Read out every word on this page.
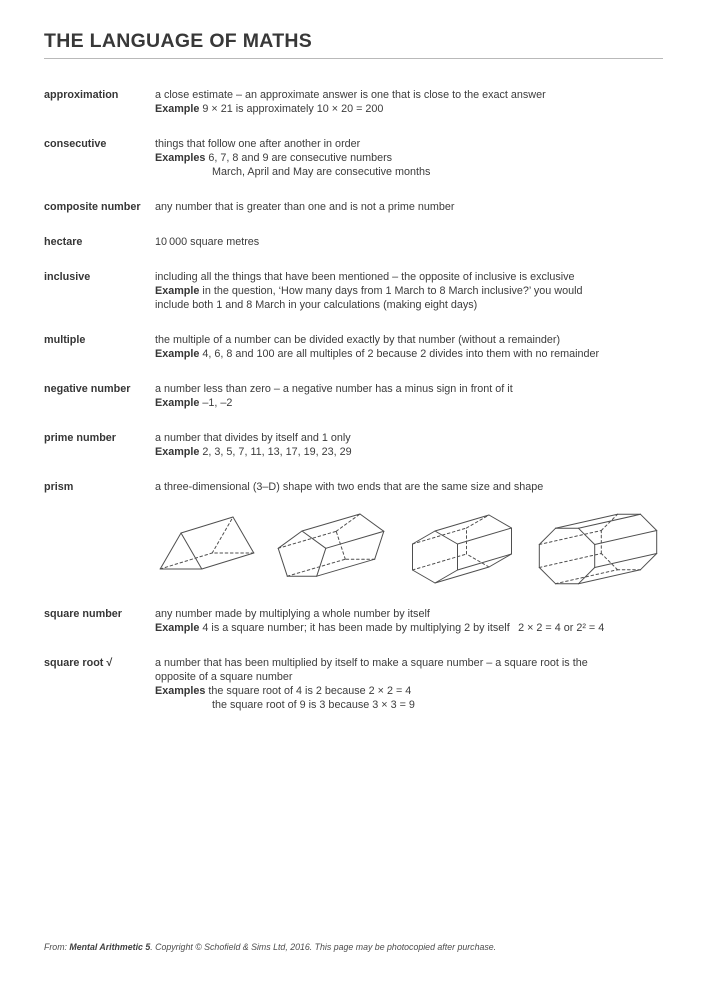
THE LANGUAGE OF MATHS
approximation	a close estimate – an approximate answer is one that is close to the exact answer
Example 9 × 21 is approximately 10 × 20 = 200
consecutive	things that follow one after another in order
Examples 6, 7, 8 and 9 are consecutive numbers
March, April and May are consecutive months
composite number	any number that is greater than one and is not a prime number
hectare	10 000 square metres
inclusive	including all the things that have been mentioned – the opposite of inclusive is exclusive
Example in the question, ‘How many days from 1 March to 8 March inclusive?’ you would
include both 1 and 8 March in your calculations (making eight days)
multiple	the multiple of a number can be divided exactly by that number (without a remainder)
Example 4, 6, 8 and 100 are all multiples of 2 because 2 divides into them with no remainder
negative number	a number less than zero – a negative number has a minus sign in front of it
Example –1, –2
prime number	a number that divides by itself and 1 only
Example 2, 3, 5, 7, 11, 13, 17, 19, 23, 29
prism	a three-dimensional (3–D) shape with two ends that are the same size and shape
square number	any number made by multiplying a whole number by itself
Example 4 is a square number; it has been made by multiplying 2 by itself  2 × 2 = 4 or 2² = 4
square root √	a number that has been multiplied by itself to make a square number – a square root is the
opposite of a square number
Examples the square root of 4 is 2 because 2 × 2 = 4
the square root of 9 is 3 because 3 × 3 = 9
From: Mental Arithmetic 5. Copyright © Schofield & Sims Ltd, 2016. This page may be photocopied after purchase.
